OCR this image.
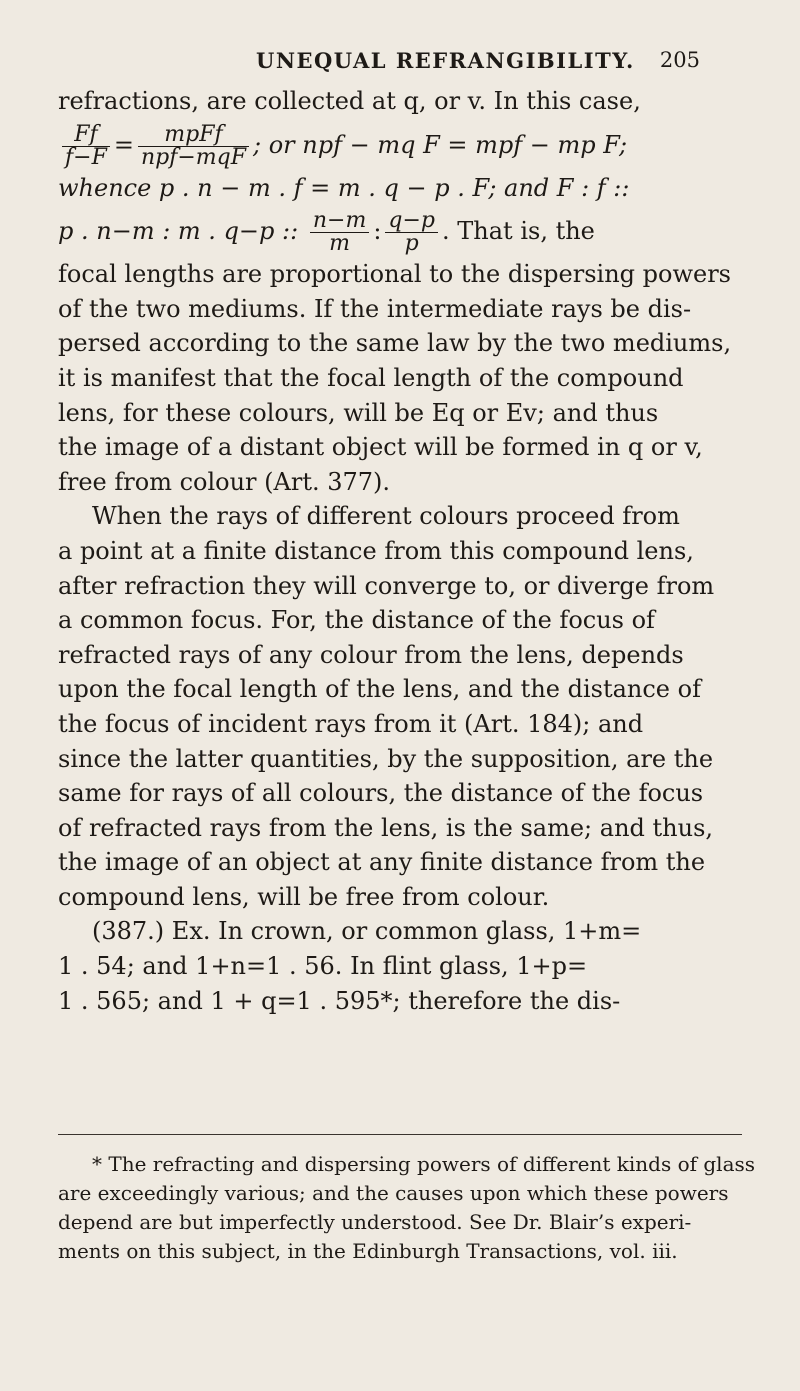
UNEQUAL REFRANGIBILITY. 205
refractions, are collected at q, or v. In this case,
$\frac{Ff}{f-F} = \frac{\text{mpFf}}{\text{npf−mqF}}$ ; or npf − mq F = mpf − mp F;
whence p . n − m . f = m . q − p . F; and F : f ::
p . n−m : m . q−p :: $\frac{n-m}{m}$ : $\frac{q-p}{p}$ . That is, the
focal lengths are proportional to the dispersing powers
of the two mediums. If the intermediate rays be dis-
persed according to the same law by the two mediums,
it is manifest that the focal length of the compound
lens, for these colours, will be Eq or Ev; and thus
the image of a distant object will be formed in q or v,
free from colour (Art. 377).
When the rays of different colours proceed from
a point at a finite distance from this compound lens,
after refraction they will converge to, or diverge from
a common focus. For, the distance of the focus of
refracted rays of any colour from the lens, depends
upon the focal length of the lens, and the distance of
the focus of incident rays from it (Art. 184); and
since the latter quantities, by the supposition, are the
same for rays of all colours, the distance of the focus
of refracted rays from the lens, is the same; and thus,
the image of an object at any finite distance from the
compound lens, will be free from colour.
(387.) Ex. In crown, or common glass, 1+m=
1 . 54; and 1+n=1 . 56. In flint glass, 1+p=
1 . 565; and 1 + q=1 . 595*; therefore the dis-
* The refracting and dispersing powers of different kinds of glass
are exceedingly various; and the causes upon which these powers
depend are but imperfectly understood. See Dr. Blair’s experi-
ments on this subject, in the Edinburgh Transactions, vol. iii.
